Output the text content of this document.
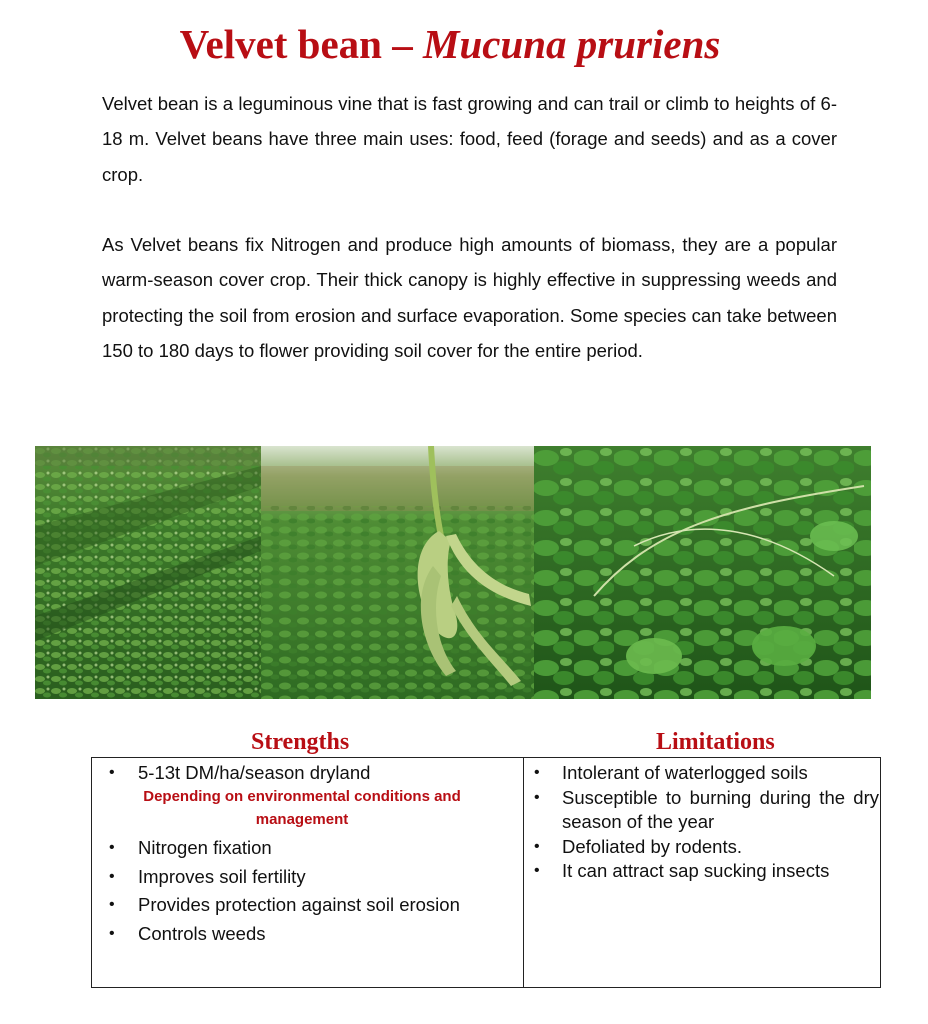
Velvet bean – Mucuna pruriens

Velvet bean is a leguminous vine that is fast growing and can trail or climb to heights of 6-18 m. Velvet beans have three main uses: food, feed (forage and seeds) and as a cover crop.

As Velvet beans fix Nitrogen and produce high amounts of biomass, they are a popular warm-season cover crop. Their thick canopy is highly effective in suppressing weeds and protecting the soil from erosion and surface evaporation. Some species can take between 150 to 180 days to flower providing soil cover for the entire period.

Strengths	Limitations
• 5-13t DM/ha/season dryland
Depending on environmental conditions and management
• Nitrogen fixation
• Improves soil fertility
• Provides protection against soil erosion
• Controls weeds
• Intolerant of waterlogged soils
• Susceptible to burning during the dry season of the year
• Defoliated by rodents.
• It can attract sap sucking insects
